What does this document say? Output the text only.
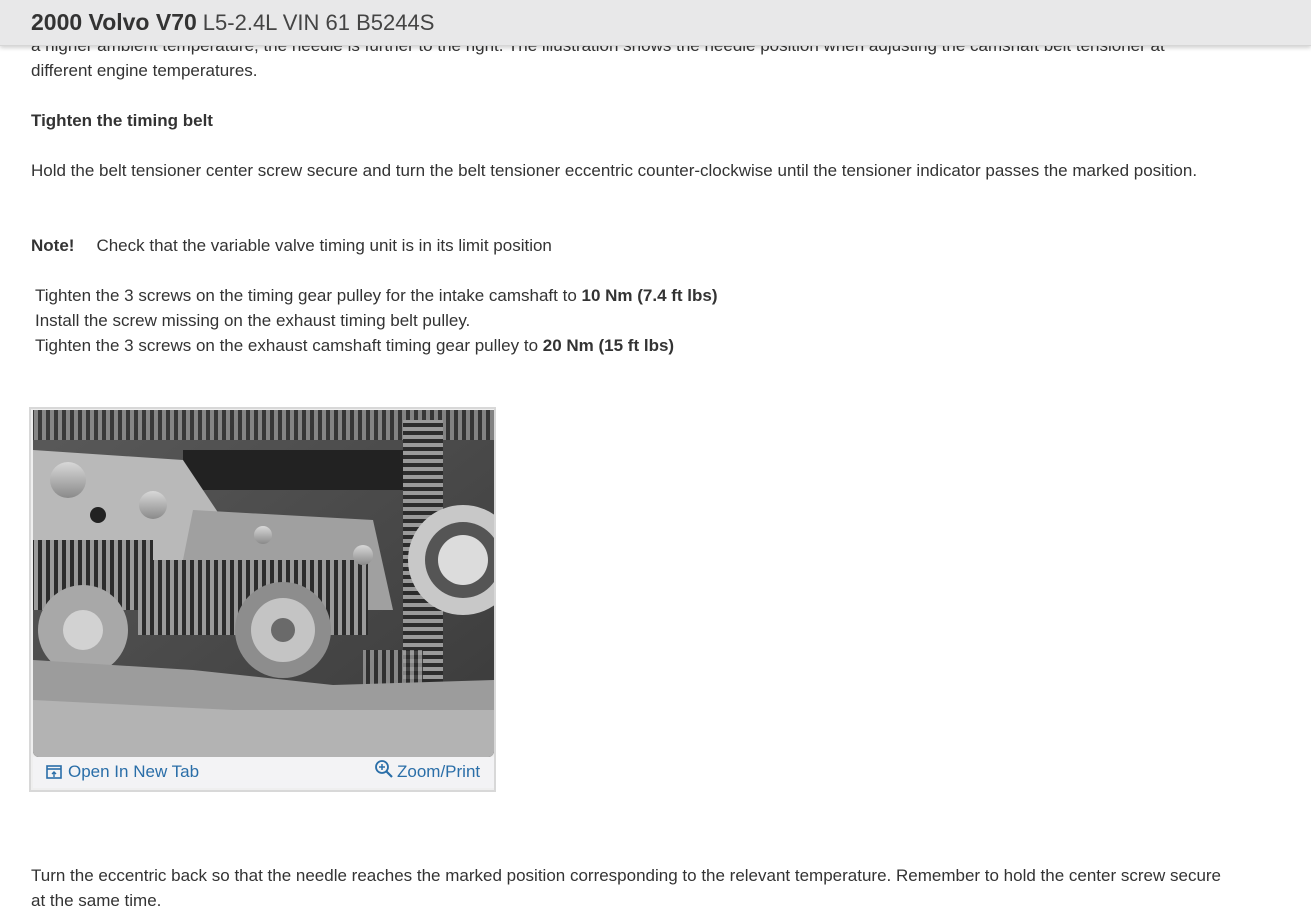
2000 Volvo V70 L5-2.4L VIN 61 B5244S
different engine temperatures.
Tighten the timing belt
Hold the belt tensioner center screw secure and turn the belt tensioner eccentric counter-clockwise until the tensioner indicator passes the marked position.
Note! Check that the variable valve timing unit is in its limit position
Tighten the 3 screws on the timing gear pulley for the intake camshaft to 10 Nm (7.4 ft lbs)
Install the screw missing on the exhaust timing belt pulley.
Tighten the 3 screws on the exhaust camshaft timing gear pulley to 20 Nm (15 ft lbs)
Turn the eccentric back so that the needle reaches the marked position corresponding to the relevant temperature. Remember to hold the center screw secure at the same time.
Open In New Tab	Zoom/Print
